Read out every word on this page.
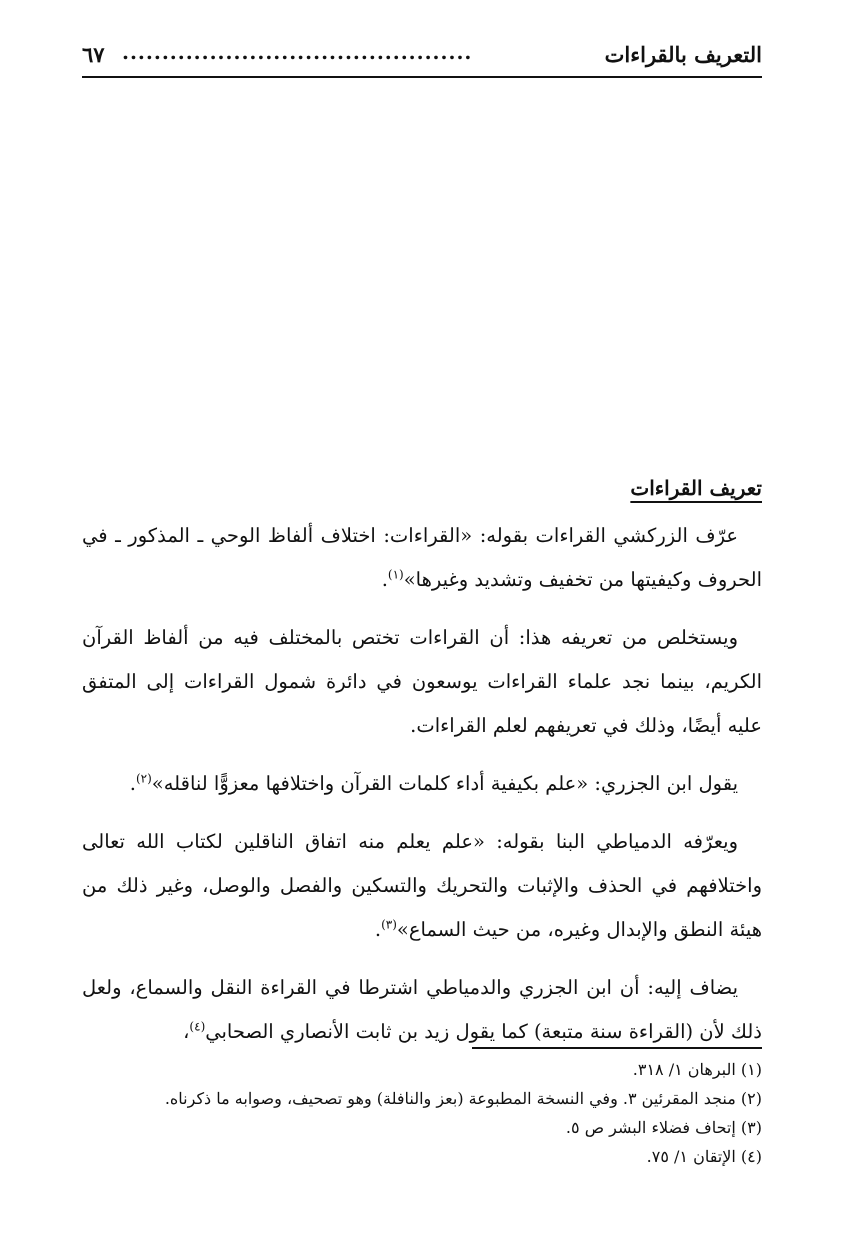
التعريف بالقراءات
............................................
٦٧

تعريف القراءات

عرّف الزركشي القراءات بقوله: «القراءات: اختلاف ألفاظ الوحي ـ المذكور ـ في الحروف وكيفيتها من تخفيف وتشديد وغيرها»$^{(١)}$.

ويستخلص من تعريفه هذا: أن القراءات تختص بالمختلف فيه من ألفاظ القرآن الكريم، بينما نجد علماء القراءات يوسعون في دائرة شمول القراءات إلى المتفق عليه أيضًا، وذلك في تعريفهم لعلم القراءات.

يقول ابن الجزري: «علم بكيفية أداء كلمات القرآن واختلافها معزوًّا لناقله»$^{(٢)}$.

ويعرّفه الدمياطي البنا بقوله: «علم يعلم منه اتفاق الناقلين لكتاب الله تعالى واختلافهم في الحذف والإثبات والتحريك والتسكين والفصل والوصل، وغير ذلك من هيئة النطق والإبدال وغيره، من حيث السماع»$^{(٣)}$.

يضاف إليه: أن ابن الجزري والدمياطي اشترطا في القراءة النقل والسماع، ولعل ذلك لأن (القراءة سنة متبعة) كما يقول زيد بن ثابت الأنصاري الصحابي$^{(٤)}$،

(١) البرهان ١/ ٣١٨.

(٢) منجد المقرئين ٣. وفي النسخة المطبوعة (بعز والنافلة) وهو تصحيف، وصوابه ما ذكرناه.

(٣) إتحاف فضلاء البشر ص ٥.

(٤) الإتقان ١/ ٧٥.
